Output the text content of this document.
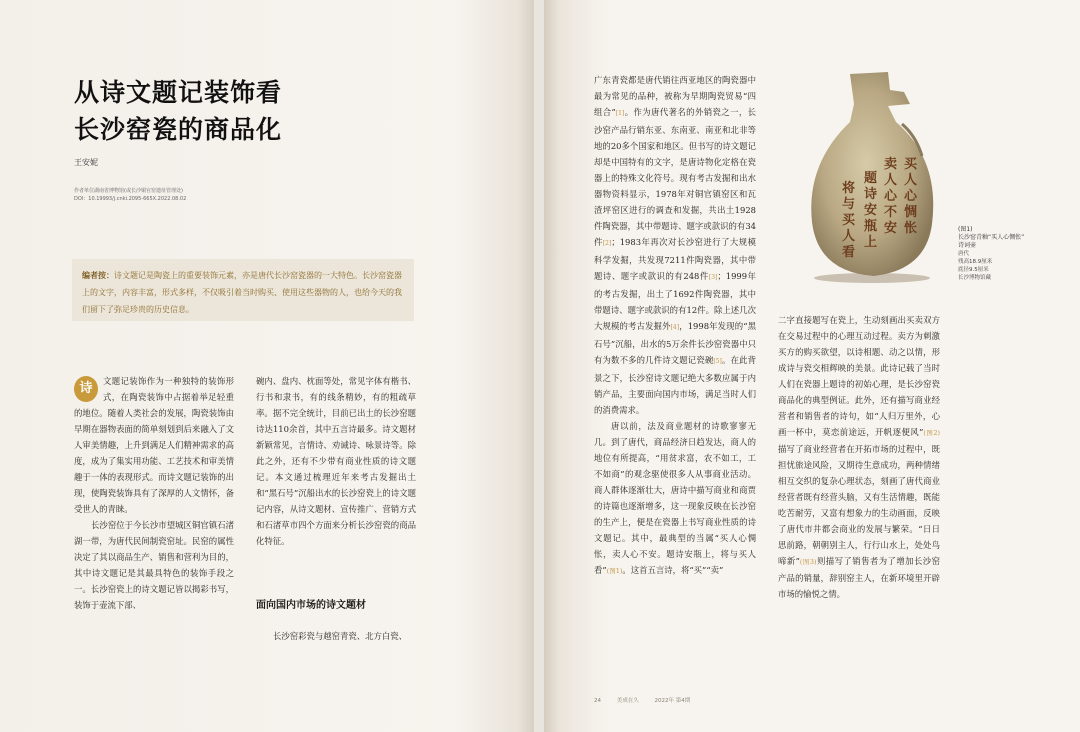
从诗文题记装饰看
长沙窑瓷的商品化
王安妮
作者单位湖南省博物馆(或长沙铜官窑遗址管理处)
DOI：10.19993/j.cnki.2095-665X.2022.08.02
编者按：诗文题记是陶瓷上的重要装饰元素，亦是唐代长沙窑瓷器的一大特色。长沙窑瓷器上的文字，内容丰富，形式多样，不仅吸引着当时购买、使用这些器物的人，也给今天的我们留下了弥足珍贵的历史信息。

诗	文题记装饰作为一种独特的装饰形式，在陶瓷装饰中占据着举足轻重的地位。随着人类社会的发展，陶瓷装饰由早期在器物表面的简单刻划到后来融入了文人审美情趣，上升到满足人们精神需求的高度，成为了集实用功能、工艺技术和审美情趣于一体的表现形式。而诗文题记装饰的出现，使陶瓷装饰具有了深厚的人文情怀，备受世人的青睐。

长沙窑位于今长沙市望城区铜官镇石渚湖一带，为唐代民间制瓷窑址。民窑的属性决定了其以商品生产、销售和营利为目的，其中诗文题记是其最具特色的装饰手段之一。长沙窑瓷上的诗文题记皆以揭彩书写，装饰于壶流下部、

碗内、盘内、枕面等处，常见字体有楷书、行书和隶书，有的线条精妙，有的粗疏草率。据不完全统计，目前已出土的长沙窑题诗达110余首，其中五言诗最多。诗文题材新颖常见，言情诗、劝诫诗、咏景诗等。除此之外，还有不少带有商业性质的诗文题记。本文通过梳理近年来考古发掘出土和“黑石号”沉船出水的长沙窑瓷上的诗文题记内容，从诗文题材、宣传推广、营销方式和石渚草市四个方面来分析长沙窑瓷的商品化特征。

面向国内市场的诗文题材

长沙窑彩瓷与越窑青瓷、北方白瓷、

广东青瓷都是唐代销往西亚地区的陶瓷器中最为常见的品种，被称为早期陶瓷贸易“四组合”[1]。作为唐代著名的外销瓷之一，长沙窑产品行销东亚、东南亚、南亚和北非等地的20多个国家和地区。但书写的诗文题记却是中国特有的文字，是唐诗物化定格在瓷器上的特殊文化符号。现有考古发掘和出水器物资料显示，1978年对铜官镇窑区和瓦渣坪窑区进行的调查和发掘，共出土1928件陶瓷器，其中带题诗、题字或款识的有34件[2]；1983年再次对长沙窑进行了大规模科学发掘，共发现7211件陶瓷器，其中带题诗、题字或款识的有248件[3]；1999年的考古发掘，出土了1692件陶瓷器，其中带题诗、题字或款识的有12件。除上述几次大规模的考古发掘外[4]，1998年发现的“黑石号”沉船，出水的5万余件长沙窑瓷器中只有为数不多的几件诗文题记瓷碗[5]。在此背景之下，长沙窑诗文题记绝大多数应属于内销产品，主要面向国内市场，满足当时人们的消费需求。

唐以前，法及商业题材的诗歌寥寥无几。到了唐代，商品经济日趋发达，商人的地位有所提高，“用贫求富，农不如工，工不如商”的观念驱使很多人从事商业活动。商人群体逐渐壮大，唐诗中描写商业和商贾的诗篇也逐渐增多，这一现象反映在长沙窑的生产上，便是在瓷器上书写商业性质的诗文题记。其中，最典型的当属“买人心惆怅，卖人心不安。题诗安瓶上，将与买人看”(图1)。这首五言诗，将“买”“卖”

买
人
心
惆
怅
卖
人
心
不
安
题
诗
安
瓶
上
将
与
买
人
看
(图1)
长沙窑青釉“买人心惆怅”
诗词壶
唐代
残高18.9厘米
底径9.5厘米
长沙博物馆藏

二字直接题写在瓷上，生动刻画出买卖双方在交易过程中的心理互动过程。卖方为刺激买方的购买欲望，以诗相题、动之以情，形成诗与瓷交相辉映的美景。此诗记载了当时人们在瓷器上题诗的初始心理，是长沙窑瓷商品化的典型例证。此外，还有描写商业经营者和销售者的诗句，如“人归万里外，心画一杯中，莫恋前途远，开帆逐便风”(图2)描写了商业经营者在开拓市场的过程中，既担忧旅途风险，又期待生意成功，两种情绪相互交织的复杂心理状态，刻画了唐代商业经营者既有经营头脑，又有生活情趣，既能吃苦耐劳，又富有想象力的生动画面，反映了唐代市井都会商业的发展与繁荣。“日日思前路，朝朝别主人，行行山水上，处处鸟啼新”(图3)则描写了销售者为了增加长沙窑产品的销量，辞别窑主人，在新环境里开辟市场的愉悦之情。

24	美成在久	2022年 第4期
